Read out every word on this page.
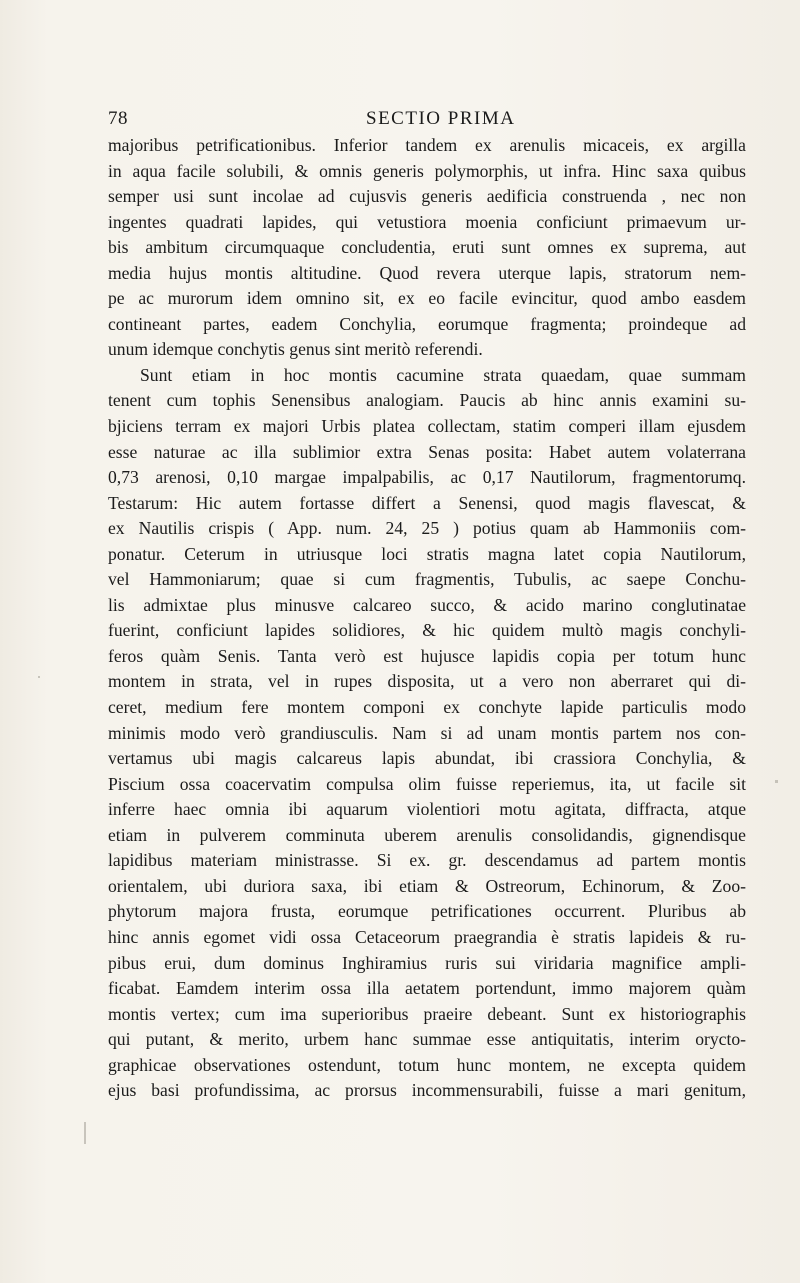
78	SECTIO PRIMA
majoribus petrificationibus. Inferior tandem ex arenulis micaceis, ex argilla
in aqua facile solubili, & omnis generis polymorphis, ut infra. Hinc saxa quibus
semper usi sunt incolae ad cujusvis generis aedificia construenda , nec non
ingentes quadrati lapides, qui vetustiora moenia conficiunt primaevum ur-
bis ambitum circumquaque concludentia, eruti sunt omnes ex suprema, aut
media hujus montis altitudine. Quod revera uterque lapis, stratorum nem-
pe ac murorum idem omnino sit, ex eo facile evincitur, quod ambo easdem
contineant partes, eadem Conchylia, eorumque fragmenta; proindeque ad
unum idemque conchytis genus sint meritò referendi.
Sunt etiam in hoc montis cacumine strata quaedam, quae summam
tenent cum tophis Senensibus analogiam. Paucis ab hinc annis examini su-
bjiciens terram ex majori Urbis platea collectam, statim comperi illam ejusdem
esse naturae ac illa sublimior extra Senas posita: Habet autem volaterrana
0,73 arenosi, 0,10 margae impalpabilis, ac 0,17 Nautilorum, fragmentorumq.
Testarum: Hic autem fortasse differt a Senensi, quod magis flavescat, &
ex Nautilis crispis ( App. num. 24, 25 ) potius quam ab Hammoniis com-
ponatur. Ceterum in utriusque loci stratis magna latet copia Nautilorum,
vel Hammoniarum; quae si cum fragmentis, Tubulis, ac saepe Conchu-
lis admixtae plus minusve calcareo succo, & acido marino conglutinatae
fuerint, conficiunt lapides solidiores, & hic quidem multò magis conchyli-
feros quàm Senis. Tanta verò est hujusce lapidis copia per totum hunc
montem in strata, vel in rupes disposita, ut a vero non aberraret qui di-
ceret, medium fere montem componi ex conchyte lapide particulis modo
minimis modo verò grandiusculis. Nam si ad unam montis partem nos con-
vertamus ubi magis calcareus lapis abundat, ibi crassiora Conchylia, &
Piscium ossa coacervatim compulsa olim fuisse reperiemus, ita, ut facile sit
inferre haec omnia ibi aquarum violentiori motu agitata, diffracta, atque
etiam in pulverem comminuta uberem arenulis consolidandis, gignendisque
lapidibus materiam ministrasse. Si ex. gr. descendamus ad partem montis
orientalem, ubi duriora saxa, ibi etiam & Ostreorum, Echinorum, & Zoo-
phytorum majora frusta, eorumque petrificationes occurrent. Pluribus ab
hinc annis egomet vidi ossa Cetaceorum praegrandia è stratis lapideis & ru-
pibus erui, dum dominus Inghiramius ruris sui viridaria magnifice ampli-
ficabat. Eamdem interim ossa illa aetatem portendunt, immo majorem quàm
montis vertex; cum ima superioribus praeire debeant. Sunt ex historiographis
qui putant, & merito, urbem hanc summae esse antiquitatis, interim oryctо-
graphicae observationes ostendunt, totum hunc montem, ne excepta quidem
ejus basi profundissima, ac prorsus incommensurabili, fuisse a mari genitum,
